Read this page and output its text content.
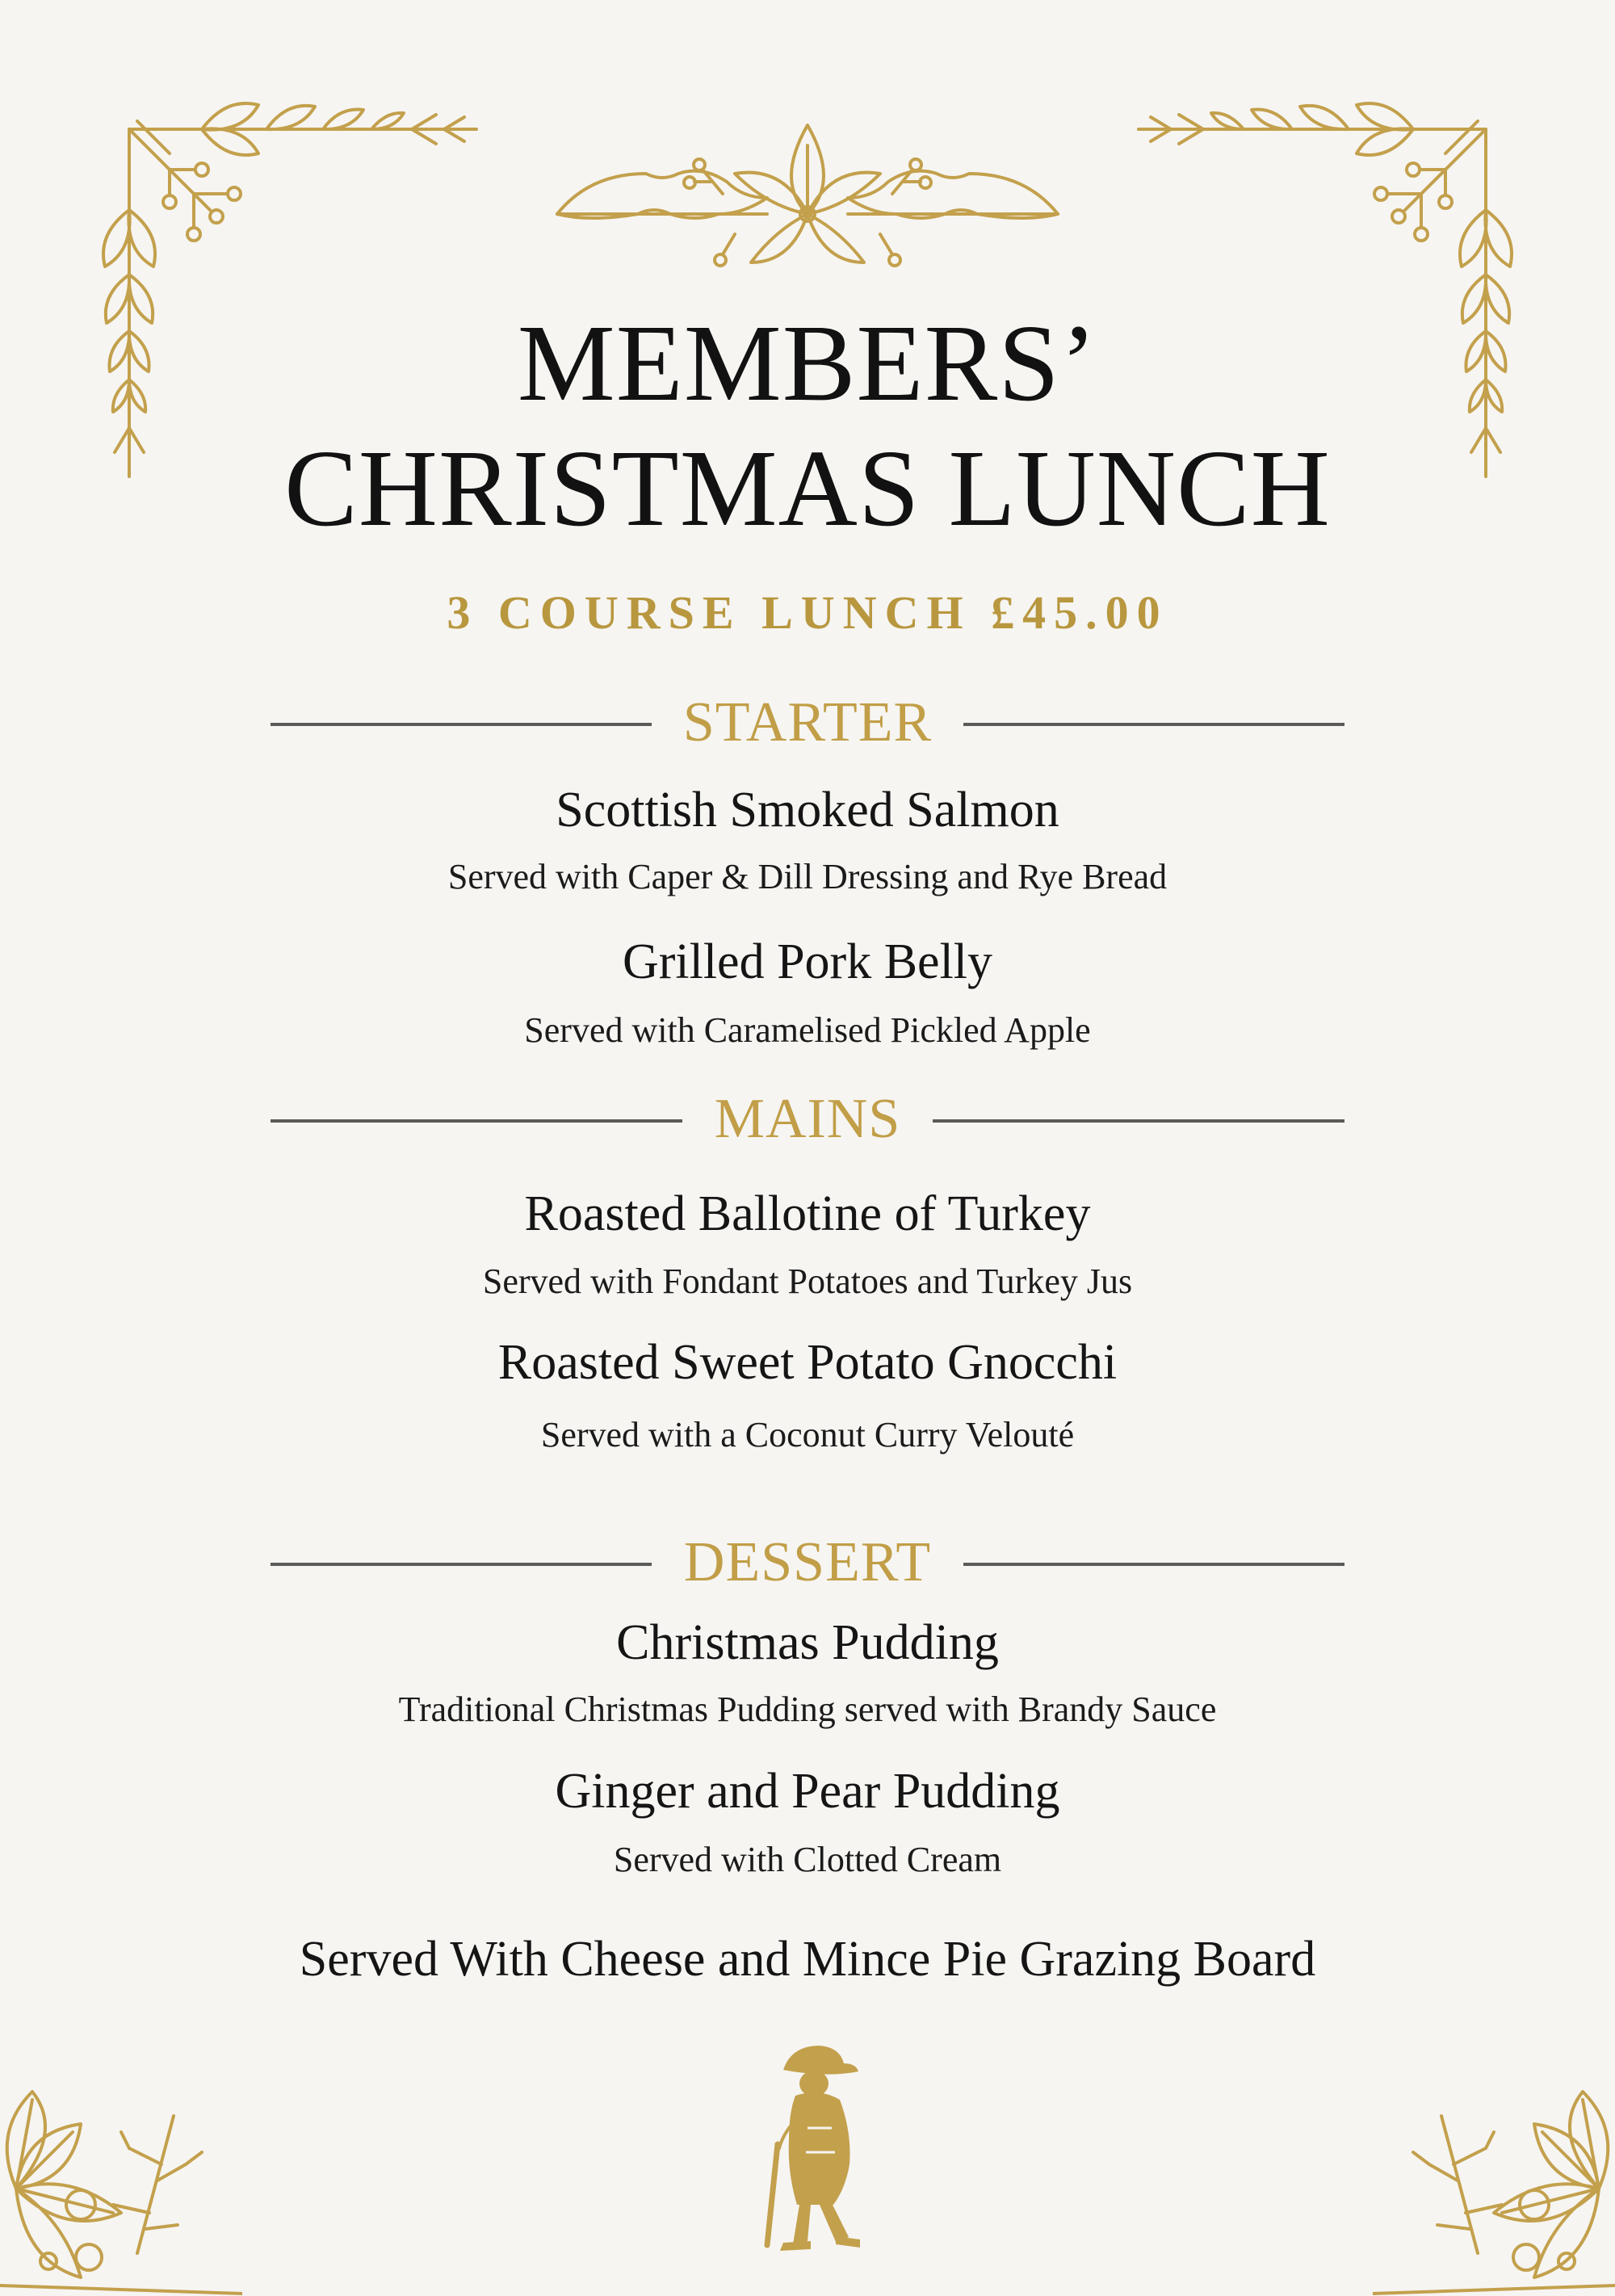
MEMBERS’
CHRISTMAS LUNCH
3 COURSE LUNCH £45.00
STARTER
Scottish Smoked Salmon
Served with Caper & Dill Dressing and Rye Bread
Grilled Pork Belly
Served with Caramelised Pickled Apple
MAINS
Roasted Ballotine of Turkey
Served with Fondant Potatoes and Turkey Jus
Roasted Sweet Potato Gnocchi
Served with a Coconut Curry Velouté
DESSERT
Christmas Pudding
Traditional Christmas Pudding served with Brandy Sauce
Ginger and Pear Pudding
Served with Clotted Cream
Served With Cheese and Mince Pie Grazing Board
